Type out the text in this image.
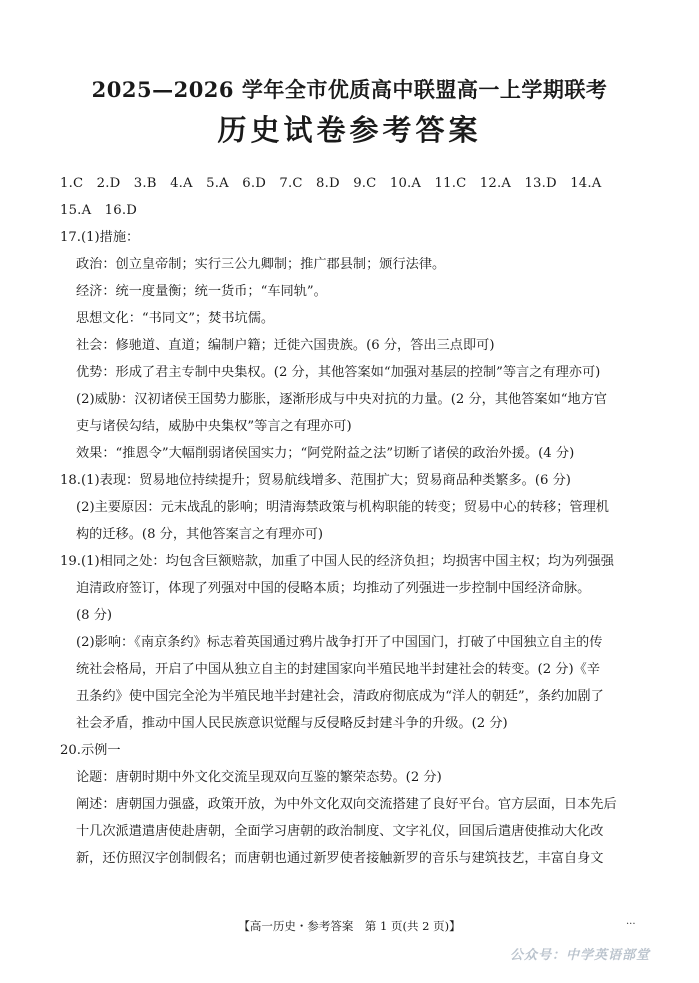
2025—2026 学年全市优质高中联盟高一上学期联考
历史试卷参考答案
1.C　2.D　3.B　4.A　5.A　6.D　7.C　8.D　9.C　10.A　11.C　12.A　13.D　14.A
15.A　16.D
17.(1)措施：
政治：创立皇帝制；实行三公九卿制；推广郡县制；颁行法律。
经济：统一度量衡；统一货币；“车同轨”。
思想文化：“书同文”；焚书坑儒。
社会：修驰道、直道；编制户籍；迁徙六国贵族。(6 分，答出三点即可)
优势：形成了君主专制中央集权。(2 分，其他答案如“加强对基层的控制”等言之有理亦可)
(2)威胁：汉初诸侯王国势力膨胀，逐渐形成与中央对抗的力量。(2 分，其他答案如“地方官
吏与诸侯勾结，威胁中央集权”等言之有理亦可)
效果：“推恩令”大幅削弱诸侯国实力；“阿党附益之法”切断了诸侯的政治外援。(4 分)
18.(1)表现：贸易地位持续提升；贸易航线增多、范围扩大；贸易商品种类繁多。(6 分)
(2)主要原因：元末战乱的影响；明清海禁政策与机构职能的转变；贸易中心的转移；管理机
构的迁移。(8 分，其他答案言之有理亦可)
19.(1)相同之处：均包含巨额赔款，加重了中国人民的经济负担；均损害中国主权；均为列强强
迫清政府签订，体现了列强对中国的侵略本质；均推动了列强进一步控制中国经济命脉。
(8 分)
(2)影响：《南京条约》标志着英国通过鸦片战争打开了中国国门，打破了中国独立自主的传
统社会格局，开启了中国从独立自主的封建国家向半殖民地半封建社会的转变。(2 分)《辛
丑条约》使中国完全沦为半殖民地半封建社会，清政府彻底成为“洋人的朝廷”，条约加剧了
社会矛盾，推动中国人民民族意识觉醒与反侵略反封建斗争的升级。(2 分)
20.示例一
论题：唐朝时期中外文化交流呈现双向互鉴的繁荣态势。(2 分)
阐述：唐朝国力强盛，政策开放，为中外文化双向交流搭建了良好平台。官方层面，日本先后
十几次派遣遣唐使赴唐朝，全面学习唐朝的政治制度、文字礼仪，回国后遣唐使推动大化改
新，还仿照汉字创制假名；而唐朝也通过新罗使者接触新罗的音乐与建筑技艺，丰富自身文
【高一历史・参考答案　第 1 页(共 2 页)】	...
公众号：中学英语部堂
